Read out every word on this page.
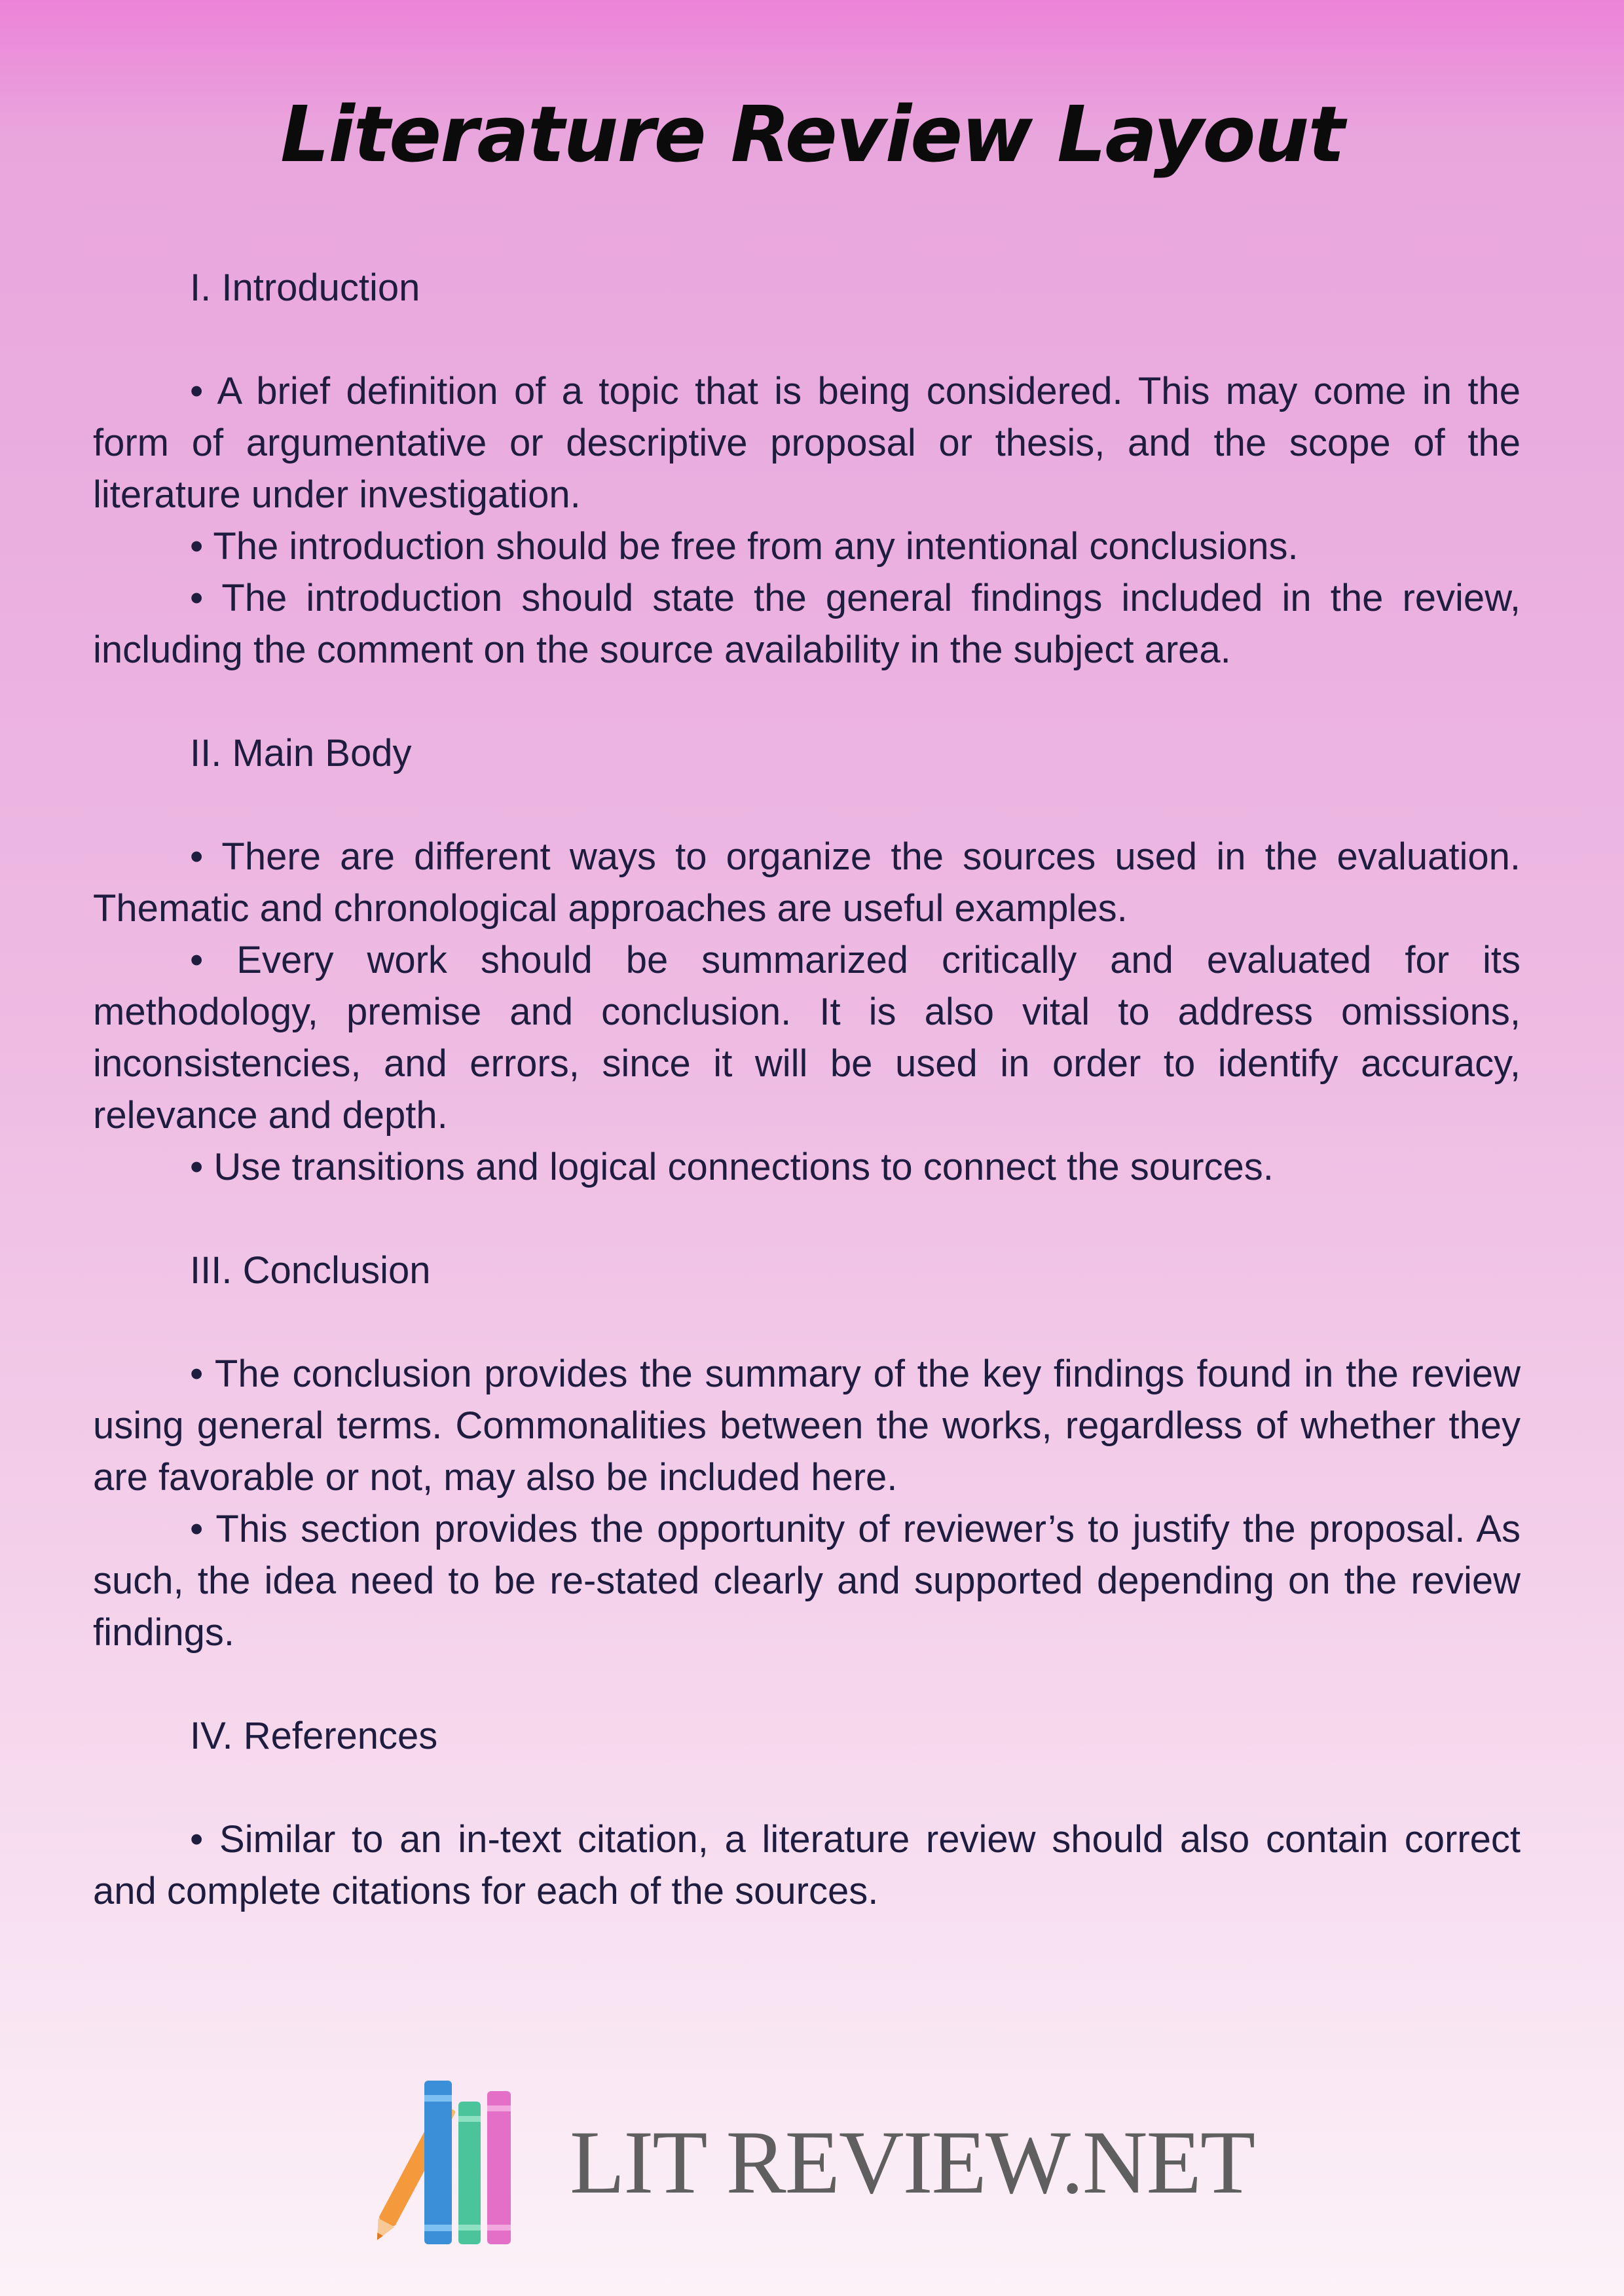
Literature Review Layout

I. Introduction

• A brief definition of a topic that is being considered. This may come in the form of argumentative or descriptive proposal or thesis, and the scope of the literature under investigation.

• The introduction should be free from any intentional conclusions.

• The introduction should state the general findings included in the review, including the comment on the source availability in the subject area.

II. Main Body

• There are different ways to organize the sources used in the evaluation. Thematic and chronological approaches are useful examples.

• Every work should be summarized critically and evaluated for its methodology, premise and conclusion. It is also vital to address omissions, inconsistencies, and errors, since it will be used in order to identify accuracy, relevance and depth.

• Use transitions and logical connections to connect the sources.

III. Conclusion

• The conclusion provides the summary of the key findings found in the review using general terms. Commonalities between the works, regardless of whether they are favorable or not, may also be included here.

• This section provides the opportunity of reviewer’s to justify the proposal. As such, the idea need to be re-stated clearly and supported depending on the review findings.

IV. References

• Similar to an in-text citation, a literature review should also contain correct and complete citations for each of the sources.

LIT REVIEW.NET
